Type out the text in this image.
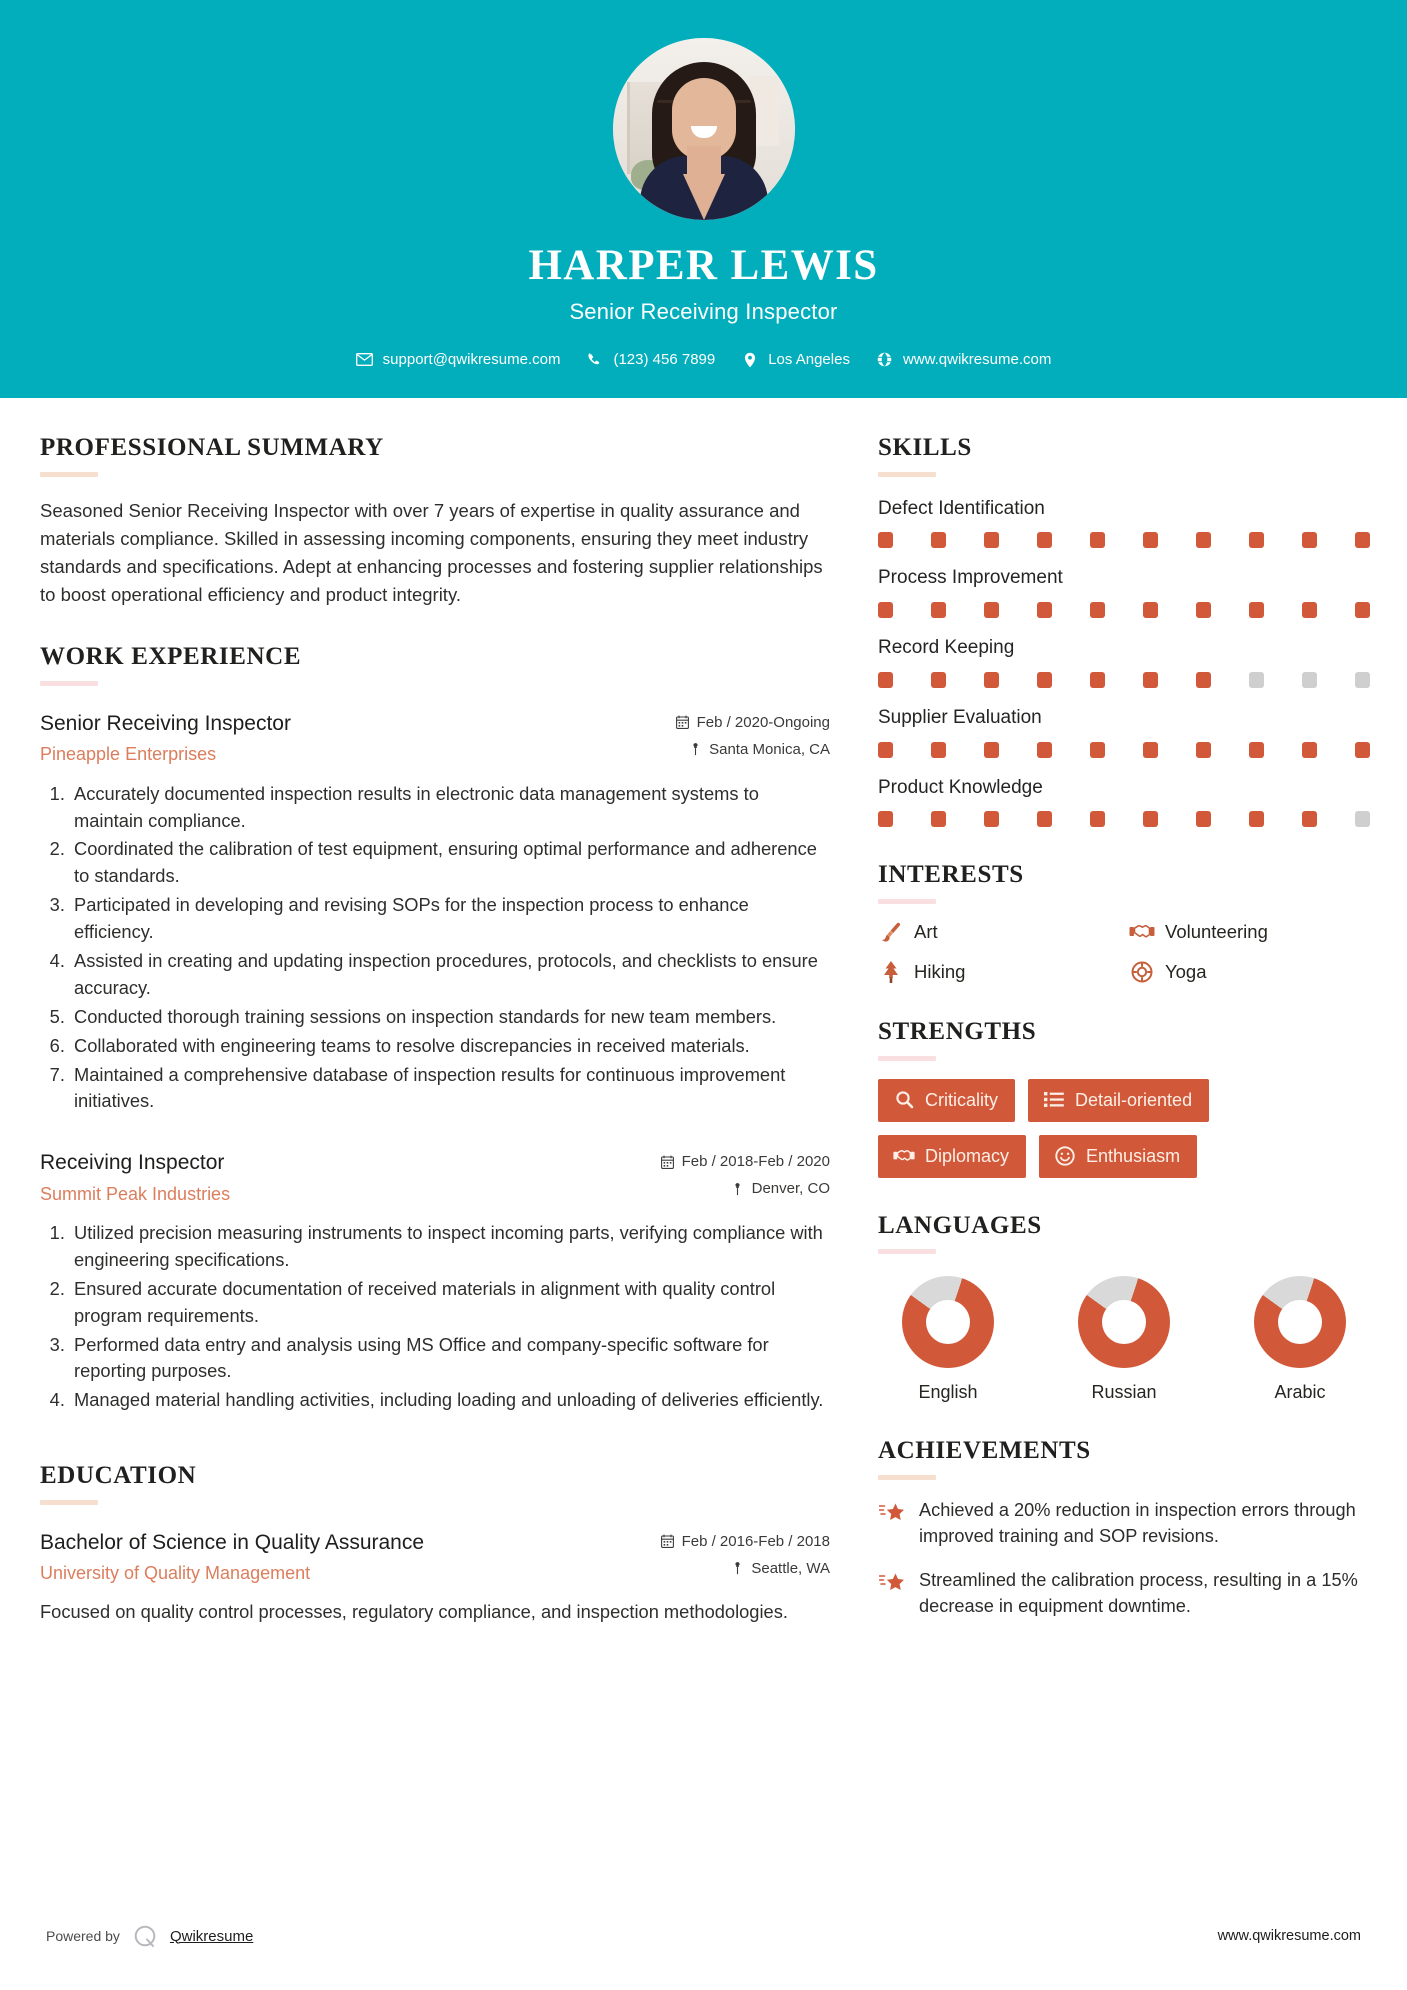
HARPER LEWIS
Senior Receiving Inspector
support@qwikresume.com	(123) 456 7899	Los Angeles	www.qwikresume.com
PROFESSIONAL SUMMARY

Seasoned Senior Receiving Inspector with over 7 years of expertise in quality assurance and materials compliance. Skilled in assessing incoming components, ensuring they meet industry standards and specifications. Adept at enhancing processes and fostering supplier relationships to boost operational efficiency and product integrity.

WORK EXPERIENCE
Senior Receiving Inspector
Pineapple Enterprises
Feb / 2020-Ongoing
Santa Monica, CA
1. Accurately documented inspection results in electronic data management systems to maintain compliance.
2. Coordinated the calibration of test equipment, ensuring optimal performance and adherence to standards.
3. Participated in developing and revising SOPs for the inspection process to enhance efficiency.
4. Assisted in creating and updating inspection procedures, protocols, and checklists to ensure accuracy.
5. Conducted thorough training sessions on inspection standards for new team members.
6. Collaborated with engineering teams to resolve discrepancies in received materials.
7. Maintained a comprehensive database of inspection results for continuous improvement initiatives.
Receiving Inspector
Summit Peak Industries
Feb / 2018-Feb / 2020
Denver, CO
1. Utilized precision measuring instruments to inspect incoming parts, verifying compliance with engineering specifications.
2. Ensured accurate documentation of received materials in alignment with quality control program requirements.
3. Performed data entry and analysis using MS Office and company-specific software for reporting purposes.
4. Managed material handling activities, including loading and unloading of deliveries efficiently.
EDUCATION
Bachelor of Science in Quality Assurance
University of Quality Management
Feb / 2016-Feb / 2018
Seattle, WA

Focused on quality control processes, regulatory compliance, and inspection methodologies.

SKILLS
Defect Identification
Process Improvement
Record Keeping
Supplier Evaluation
Product Knowledge
INTERESTS
Art	Volunteering
Hiking	Yoga
STRENGTHS
Criticality	Detail-oriented
Diplomacy	Enthusiasm
LANGUAGES
English	Russian	Arabic
ACHIEVEMENTS
Achieved a 20% reduction in inspection errors through improved training and SOP revisions.
Streamlined the calibration process, resulting in a 15% decrease in equipment downtime.
Powered by	Qwikresume	www.qwikresume.com
